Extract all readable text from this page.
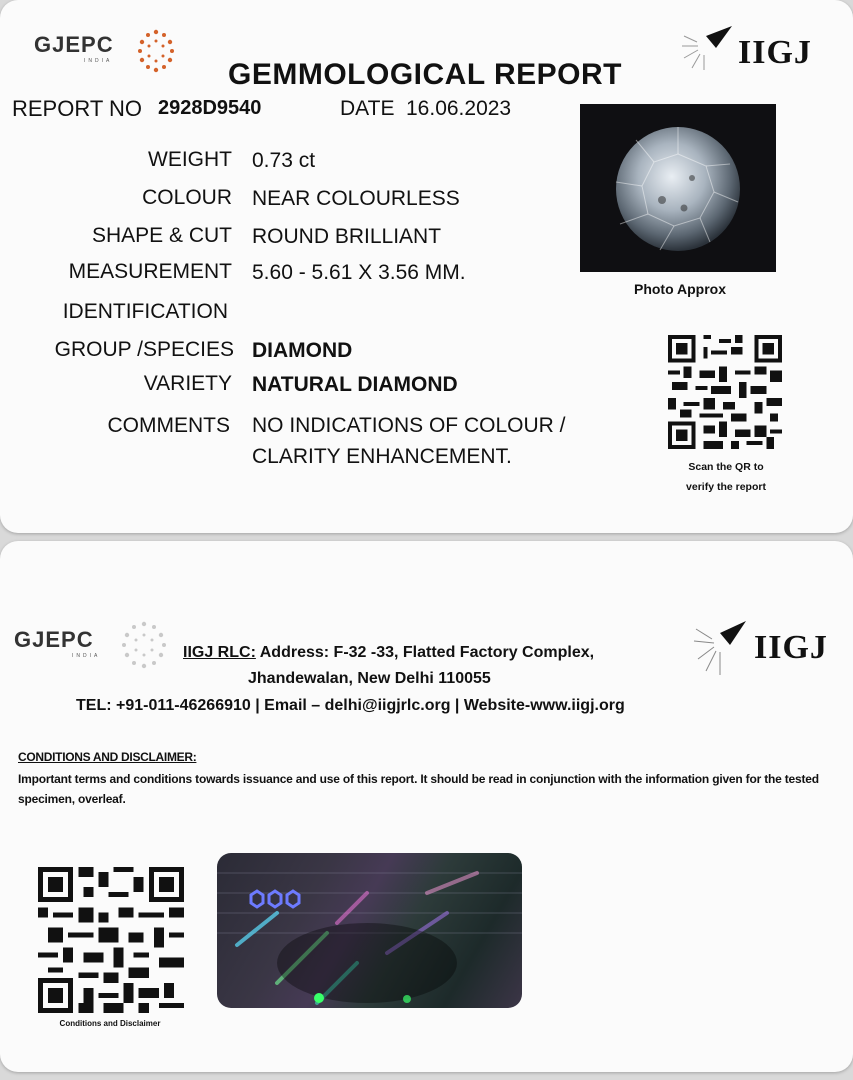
GJEPC
INDIA	IIGJ
GEMMOLOGICAL REPORT
REPORT NO 2928D9540	DATE 16.06.2023
WEIGHT 0.73 ct
COLOUR NEAR COLOURLESS
SHAPE & CUT ROUND BRILLIANT
MEASUREMENT 5.60 - 5.61 X 3.56 MM.
IDENTIFICATION
GROUP /SPECIES DIAMOND
VARIETY NATURAL DIAMOND
COMMENTS NO INDICATIONS OF COLOUR /
CLARITY ENHANCEMENT.
Photo Approx
Scan the QR to
verify the report
GJEPC
INDIA	IIGJ
IIGJ RLC: Address: F-32 -33, Flatted Factory Complex,
Jhandewalan, New Delhi 110055
TEL: +91-011-46266910 | Email – delhi@iigjrlc.org | Website-www.iigj.org
CONDITIONS AND DISCLAIMER:
Important terms and conditions towards issuance and use of this report. It should be read in conjunction with the information given for the tested specimen, overleaf.
Conditions and Disclaimer
